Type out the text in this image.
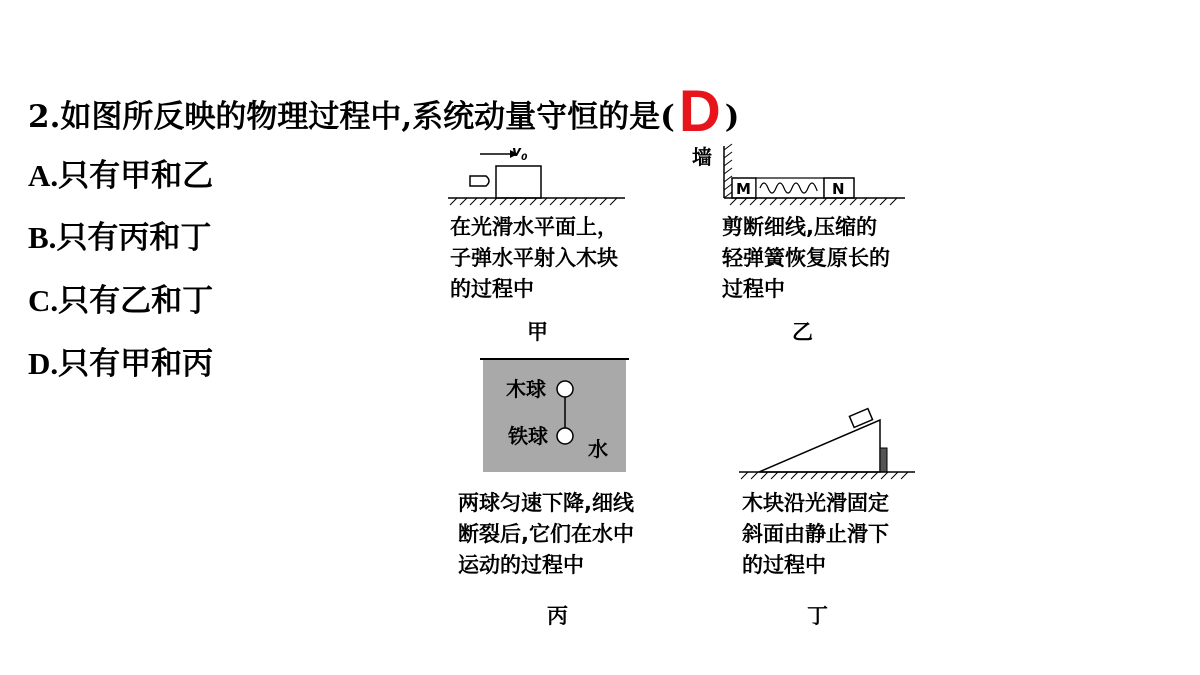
2.如图所反映的物理过程中,系统动量守恒的是(D )
A.只有甲和乙
B.只有丙和丁
C.只有乙和丁
D.只有甲和丙
$v_0$
在光滑水平面上，
子弹水平射入木块
的过程中
甲
墙
M	N
剪断细线,压缩的
轻弹簧恢复原长的
过程中
乙
木球
铁球
水
两球匀速下降,细线
断裂后,它们在水中
运动的过程中
丙
木块沿光滑固定
斜面由静止滑下
的过程中
丁
